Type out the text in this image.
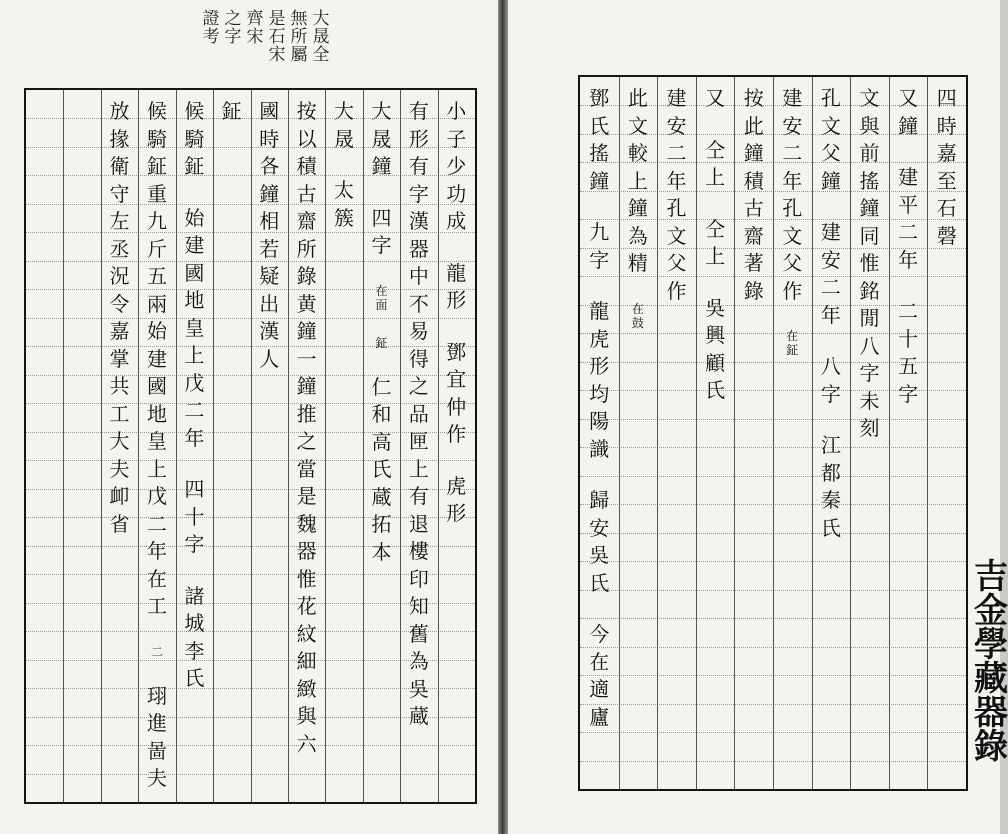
大晟全
無所屬
是石宋
齊宋
之字
證考
小子少功成
龍形
鄧宜仲作
虎形
有形有字漢器中不易得之品匣上有退樓印知舊為吳蔵
大晟鐘
四字
在面
鉦
仁和高氏蔵拓本
大晟
太簇
按以積古齋所錄黄鐘一鐘推之當是魏器惟花紋細緻與六
國時各鐘相若疑出漢人
鉦
候騎鉦
始建國地皇上戊二年
四十字
諸城李氏
候騎鉦重九斤五兩始建國地皇上戊二年在工
二
珝進啚夫
放掾衛守左丞況令嘉掌共工大夫卹省
四時嘉至石磬
又鐘
建平二年
二十五字
文與前搖鐘同惟銘閒八字未刻
孔文父鐘
建安二年
八字
江都秦氏
建安二年孔文父作
在鉦
按此鐘積古齋著錄
又
仝上
仝上
吳興顧氏
建安二年孔文父作
此文較上鐘為精
在鼓
鄧氏搖鐘
九字
龍虎形均陽識
歸安吳氏
今在適廬
吉金學藏器錄
